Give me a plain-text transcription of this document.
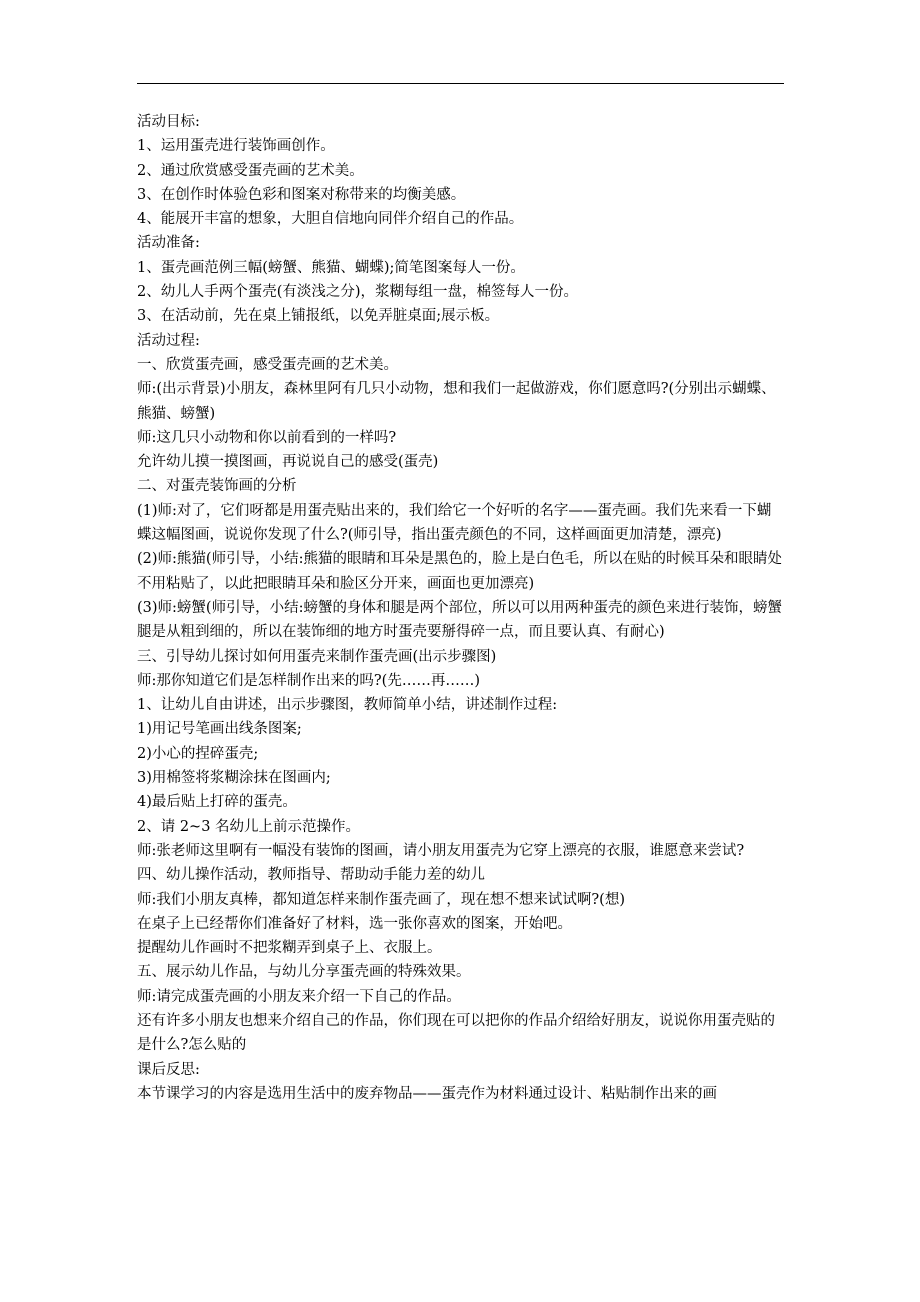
活动目标:

1、运用蛋壳进行装饰画创作。

2、通过欣赏感受蛋壳画的艺术美。

3、在创作时体验色彩和图案对称带来的均衡美感。

4、能展开丰富的想象，大胆自信地向同伴介绍自己的作品。

活动准备:

1、蛋壳画范例三幅(螃蟹、熊猫、蝴蝶);简笔图案每人一份。

2、幼儿人手两个蛋壳(有淡浅之分)，浆糊每组一盘，棉签每人一份。

3、在活动前，先在桌上铺报纸，以免弄脏桌面;展示板。

活动过程:

一、欣赏蛋壳画，感受蛋壳画的艺术美。

师:(出示背景)小朋友，森林里阿有几只小动物，想和我们一起做游戏，你们愿意吗?(分别出示蝴蝶、熊猫、螃蟹)

师:这几只小动物和你以前看到的一样吗?

允许幼儿摸一摸图画，再说说自己的感受(蛋壳)

二、对蛋壳装饰画的分析

(1)师:对了，它们呀都是用蛋壳贴出来的，我们给它一个好听的名字——蛋壳画。我们先来看一下蝴蝶这幅图画，说说你发现了什么?(师引导，指出蛋壳颜色的不同，这样画面更加清楚，漂亮)

(2)师:熊猫(师引导，小结:熊猫的眼睛和耳朵是黑色的，脸上是白色毛，所以在贴的时候耳朵和眼睛处不用粘贴了，以此把眼睛耳朵和脸区分开来，画面也更加漂亮)

(3)师:螃蟹(师引导，小结:螃蟹的身体和腿是两个部位，所以可以用两种蛋壳的颜色来进行装饰，螃蟹腿是从粗到细的，所以在装饰细的地方时蛋壳要掰得碎一点，而且要认真、有耐心)

三、引导幼儿探讨如何用蛋壳来制作蛋壳画(出示步骤图)

师:那你知道它们是怎样制作出来的吗?(先……再……)

1、让幼儿自由讲述，出示步骤图，教师简单小结，讲述制作过程:

1)用记号笔画出线条图案;

2)小心的捏碎蛋壳;

3)用棉签将浆糊涂抹在图画内;

4)最后贴上打碎的蛋壳。

2、请 2~3 名幼儿上前示范操作。

师:张老师这里啊有一幅没有装饰的图画，请小朋友用蛋壳为它穿上漂亮的衣服，谁愿意来尝试?

四、幼儿操作活动，教师指导、帮助动手能力差的幼儿

师:我们小朋友真棒，都知道怎样来制作蛋壳画了，现在想不想来试试啊?(想)

在桌子上已经帮你们准备好了材料，选一张你喜欢的图案，开始吧。

提醒幼儿作画时不把浆糊弄到桌子上、衣服上。

五、展示幼儿作品，与幼儿分享蛋壳画的特殊效果。

师:请完成蛋壳画的小朋友来介绍一下自己的作品。

还有许多小朋友也想来介绍自己的作品，你们现在可以把你的作品介绍给好朋友，说说你用蛋壳贴的是什么?怎么贴的

课后反思:

本节课学习的内容是选用生活中的废弃物品——蛋壳作为材料通过设计、粘贴制作出来的画
